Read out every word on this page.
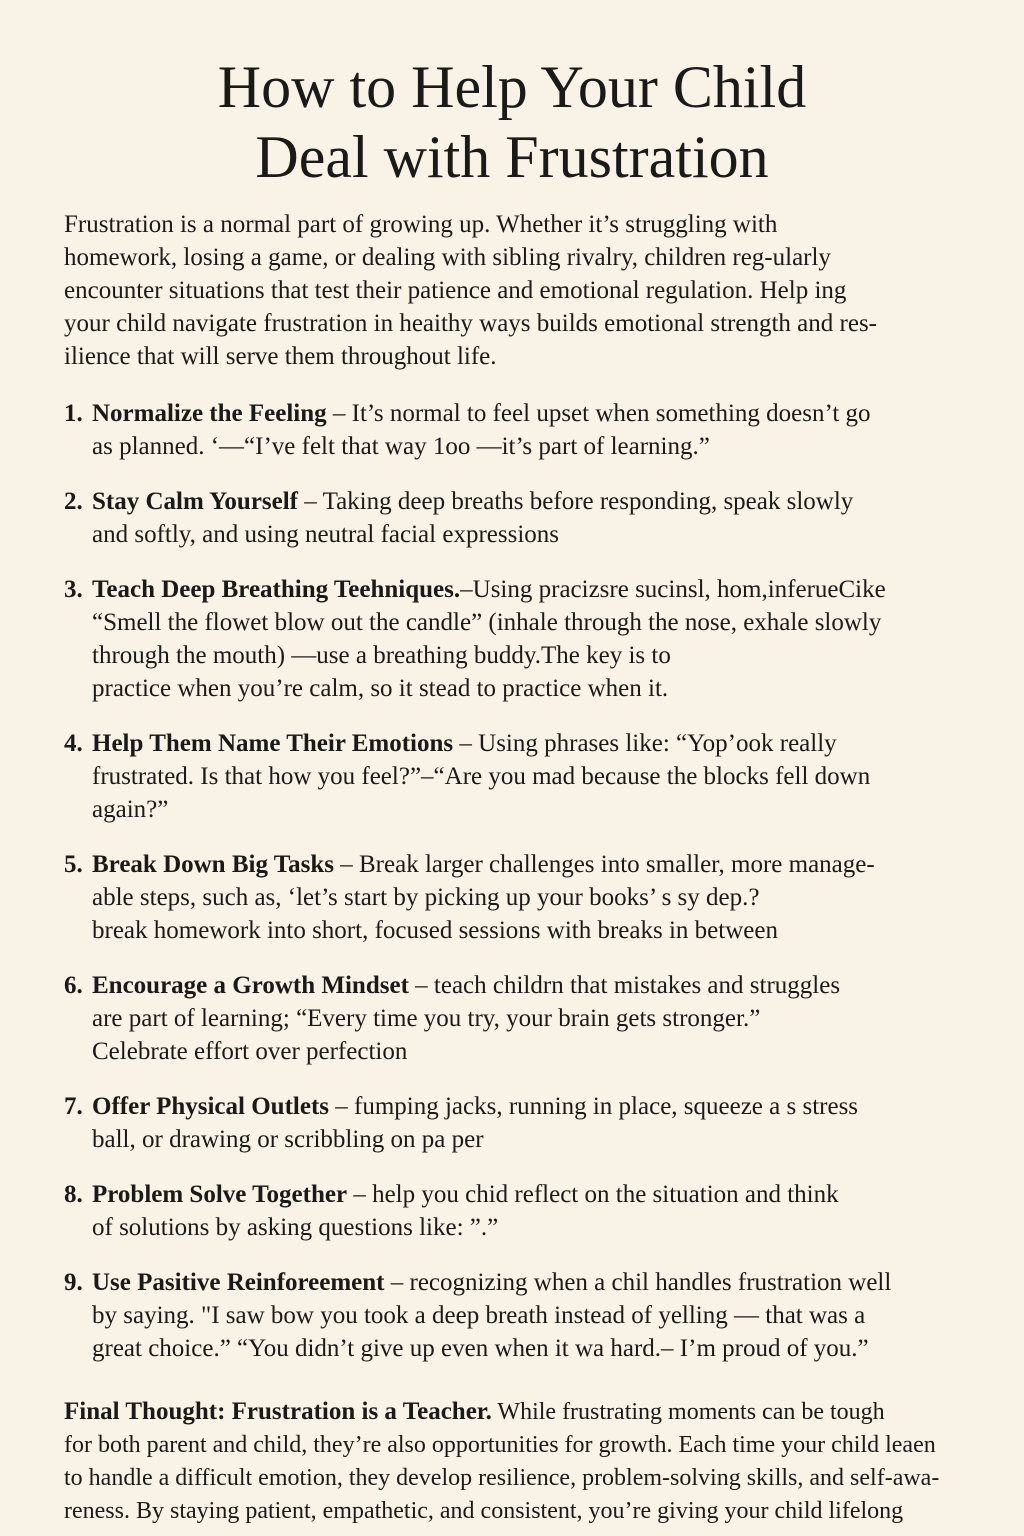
How to Help Your Child
Deal with Frustration
Frustration is a normal part of growing up. Whether it’s struggling with
homework, losing a game, or dealing with sibling rivalry, children reg-ularly
encounter situations that test their patience and emotional regulation. Help ing
your child navigate frustration in heaithy ways builds emotional strength and res-
ilience that will serve them throughout life.
1. Normalize the Feeling – It’s normal to feel upset when something doesn’t go
as planned. ‘—“I’ve felt that way 1oo —it’s part of learning.”
2. Stay Calm Yourself – Taking deep breaths before responding, speak slowly
and softly, and using neutral facial expressions
3. Teach Deep Breathing Teehniques.–Using pracizsre sucinsl, hom,inferueCike
“Smell the flowet blow out the candle” (inhale through the nose, exhale slowly
through the mouth) —use a breathing buddy.The key is to
practice when you’re calm, so it stead to practice when it.
4. Help Them Name Their Emotions – Using phrases like: “Yop’ook really
frustrated. Is that how you feel?”–“Are you mad because the blocks fell down
again?”
5. Break Down Big Tasks – Break larger challenges into smaller, more manage-
able steps, such as, ‘let’s start by picking up your books’ s sy dep.?
break homework into short, focused sessions with breaks in between
6. Encourage a Growth Mindset – teach childrn that mistakes and struggles
are part of learning; “Every time you try, your brain gets stronger.”
Celebrate effort over perfection
7. Offer Physical Outlets – fumping jacks, running in place, squeeze a s stress
ball, or drawing or scribbling on pa per
8. Problem Solve Together – help you chid reflect on the situation and think
of solutions by asking questions like: ”.”
9. Use Pasitive Reinforeement – recognizing when a chil handles frustration well
by saying. "I saw bow you took a deep breath instead of yelling — that was a
great choice.” “You didn’t give up even when it wa hard.– I’m proud of you.”
Final Thought: Frustration is a Teacher. While frustrating moments can be tough
for both parent and child, they’re also opportunities for growth. Each time your child leaen
to handle a difficult emotion, they develop resilience, problem-solving skills, and self-awa-
reness. By staying patient, empathetic, and consistent, you’re giving your child lifelong
